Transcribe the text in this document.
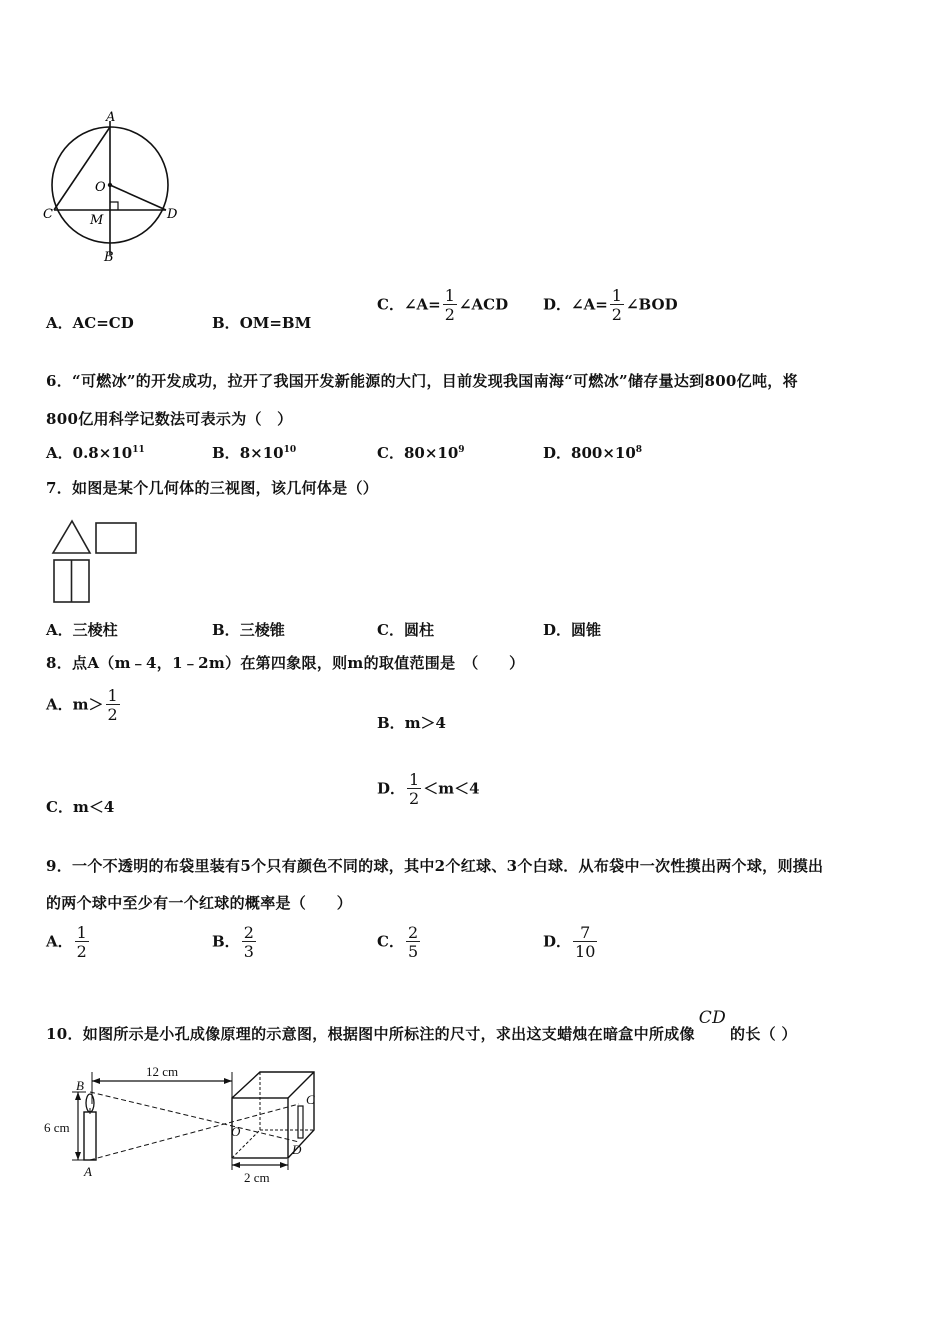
A
O
C	M	D
B
A．AC=CD	B．OM=BM
C．∠A= $\frac{1}{2}$ ∠ACD D．∠A= $\frac{1}{2}$ ∠BOD
6．“可燃冰”的开发成功，拉开了我国开发新能源的大门，目前发现我国南海“可燃冰”储存量达到800亿吨，将
800亿用科学记数法可表示为（　）
A．$0.8\times 10^{11}$	B．$8\times 10^{10}$	C．$80\times 10^9$	D．$800\times 10^8$
7．如图是某个几何体的三视图，该几何体是（）
A．三棱柱	B．三棱锥	C．圆柱	D．圆锥
8．点A（m﹣4，1﹣2m）在第四象限，则m的取值范围是　（　　）
A．$m> \frac{1}{2}$	B．m＞4
C．m＜4
D． $\frac{1}{2} <m<4$
9．一个不透明的布袋里装有5个只有颜色不同的球，其中2个红球、3个白球．从布袋中一次性摸出两个球，则摸出
的两个球中至少有一个红球的概率是（　　）
A． $\frac{1}{2}$	B． $\frac{2}{3}$	C． $\frac{2}{5}$	D． $\frac{7}{10}$
10．如图所示是小孔成像原理的示意图，根据图中所标注的尺寸，求出这支蜡烛在暗盒中所成像CD的长（ ）
12 cm
6 cm
B
A
C
D
O
2 cm
